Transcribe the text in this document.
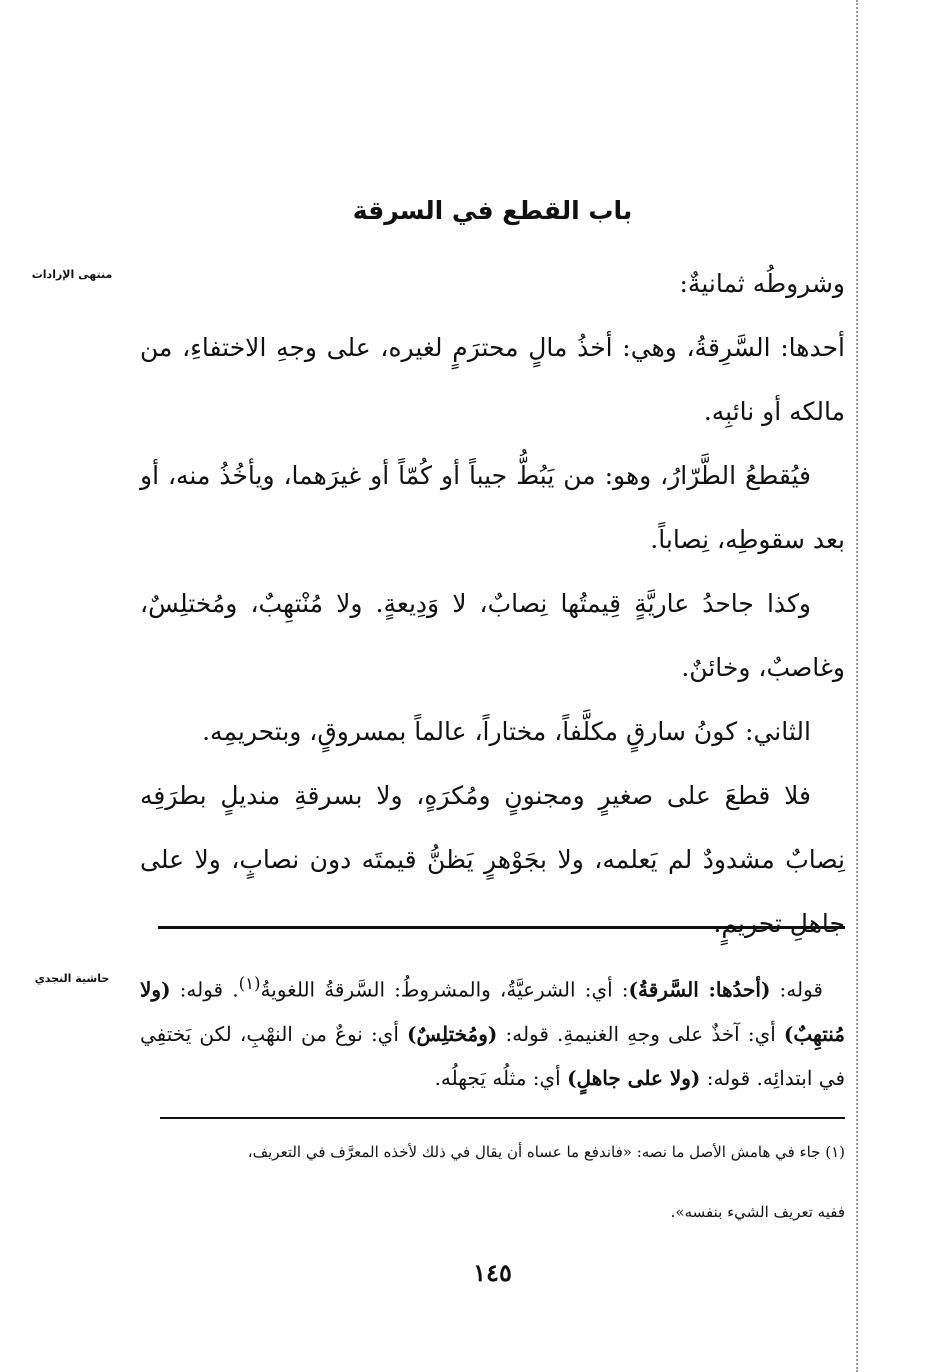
منتهى الإرادات
حاشية النجدي
باب القطع في السرقة

وشروطُه ثمانيةٌ:

أحدها: السَّرِقةُ، وهي: أخذُ مالٍ محترَمٍ لغيره، على وجهِ الاختفاءِ، من مالكه أو نائبِه.

فيُقطعُ الطَّرّارُ، وهو: من يَبُطُّ جيباً أو كُمّاً أو غيرَهما، ويأخُذُ منه، أو بعد سقوطِه، نِصاباً.

وكذا جاحدُ عاريَّةٍ قِيمتُها نِصابٌ، لا وَدِيعةٍ. ولا مُنْتهِبٌ، ومُختلِسٌ، وغاصبٌ، وخائنٌ.

الثاني: كونُ سارقٍ مكلَّفاً، مختاراً، عالماً بمسروقٍ، وبتحريمِه.

فلا قطعَ على صغيرٍ ومجنونٍ ومُكرَهٍ، ولا بسرقةِ منديلٍ بطرَفِه نِصابٌ مشدودٌ لم يَعلمه، ولا بجَوْهرٍ يَظنُّ قيمتَه دون نصابٍ، ولا على جاهلِ تحريمٍ.

قوله: (أحدُها: السَّرقةُ): أي: الشرعيَّةُ، والمشروطُ: السَّرقةُ اللغويةُ$^{(١)}$. قوله: (ولا مُنتهِبٌ) أي: آخذٌ على وجهِ الغنيمةِ. قوله: (ومُختلِسٌ) أي: نوعٌ من النهْبِ، لكن يَختفِي في ابتدائِه. قوله: (ولا على جاهلٍ) أي: مثلُه يَجهلُه.

(١) جاء في هامش الأصل ما نصه: «فاندفع ما عساه أن يقال في ذلك لأخذه المعرَّف في التعريف،

ففيه تعريف الشيء بنفسه».

١٤٥
